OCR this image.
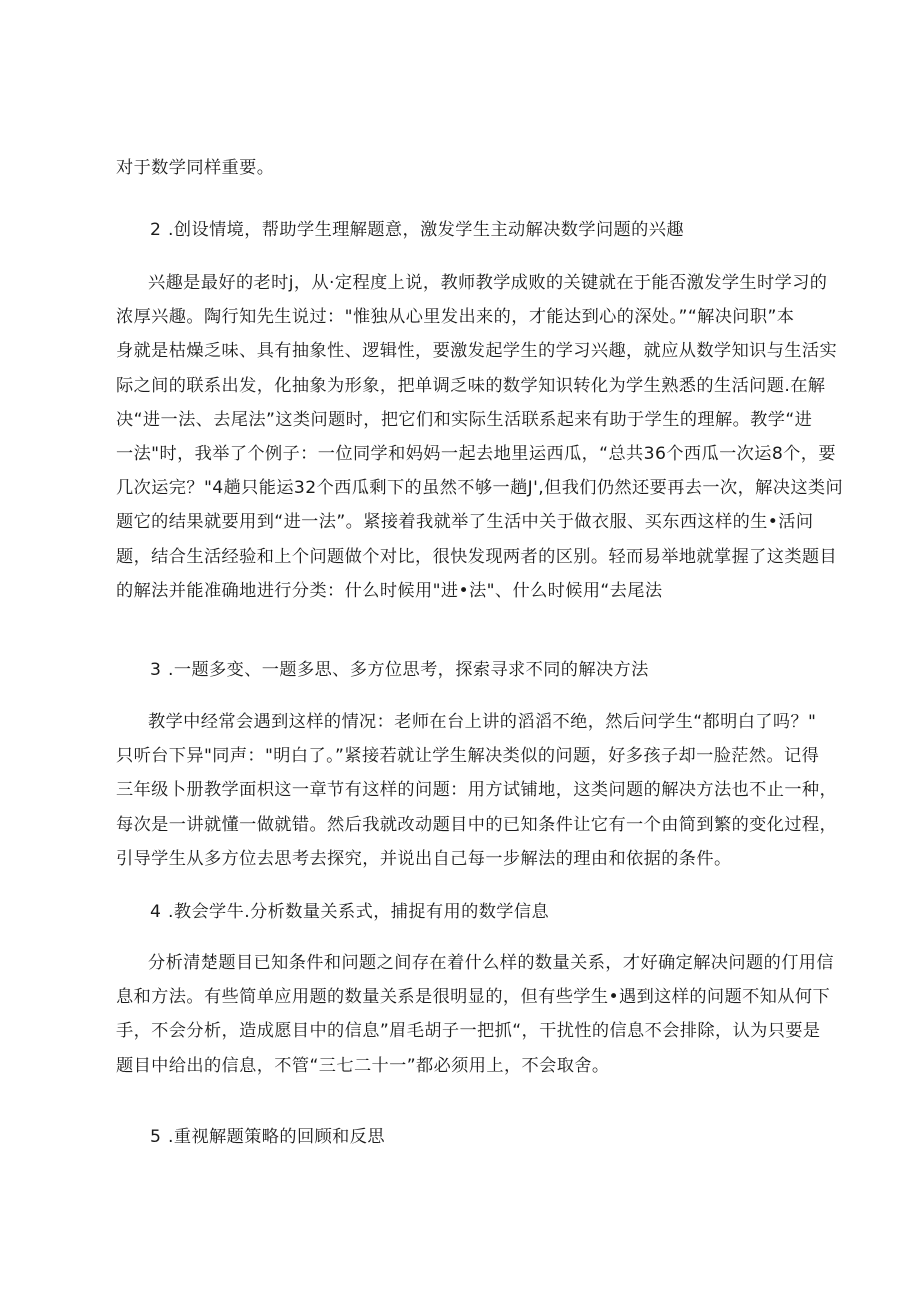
对于数学同样重要。
2 .创设情境，帮助学生理解题意，激发学生主动解决数学问题的兴趣
兴趣是最好的老时j，从·定程度上说，教师教学成败的关键就在于能否激发学生时学习的
浓厚兴趣。陶行知先生说过："惟独从心里发出来的，才能达到心的深处。”“解决问职”本
身就是枯燥乏味、具有抽象性、逻辑性，要激发起学生的学习兴趣，就应从数学知识与生活实
际之间的联系出发，化抽象为形象，把单调乏味的数学知识转化为学生熟悉的生活问题.在解
决“进一法、去尾法”这类问题时，把它们和实际生活联系起来有助于学生的理解。教学“进
一法"时，我举了个例子：一位同学和妈妈一起去地里运西瓜，“总共36个西瓜一次运8个，要
几次运完？"4趟只能运32个西瓜剩下的虽然不够一趟J',但我们仍然还要再去一次，解决这类问
题它的结果就要用到“进一法”。紧接着我就举了生活中关于做衣服、买东西这样的生•活问
题，结合生活经验和上个问题做个对比，很快发现两者的区别。轻而易举地就掌握了这类题目
的解法并能准确地进行分类：什么时候用"进•法"、什么时候用“去尾法
3 .一题多变、一题多思、多方位思考，探索寻求不同的解决方法
教学中经常会遇到这样的情况：老师在台上讲的滔滔不绝，然后问学生“都明白了吗？"
只听台下异"同声："明白了。”紧接若就让学生解决类似的问题，好多孩子却一脸茫然。记得
三年级卜册教学面枳这一章节有这样的问题：用方试铺地，这类问题的解决方法也不止一种，
每次是一讲就懂一做就错。然后我就改动题目中的已知条件让它有一个由简到繁的变化过程，
引导学生从多方位去思考去探究，并说出自己每一步解法的理由和依据的条件。
4 .教会学牛.分析数量关系式，捕捉有用的数学信息
分析清楚题目已知条件和问题之间存在着什么样的数量关系，才好确定解决问题的仃用信
息和方法。有些简单应用题的数量关系是很明显的，但有些学生•遇到这样的问题不知从何下
手，不会分析，造成愿目中的信息”眉毛胡子一把抓“，干扰性的信息不会排除，认为只要是
题目中给出的信息，不管“三七二十一”都必须用上，不会取舍。
5 .重视解题策略的回顾和反思
